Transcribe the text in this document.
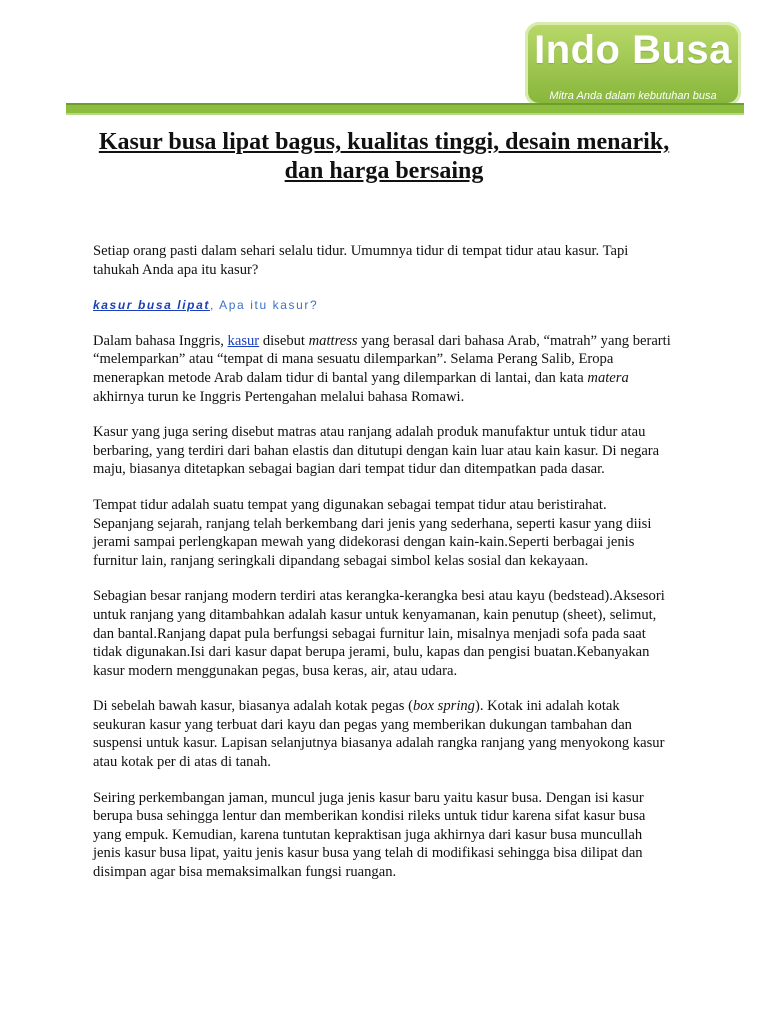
Indo Busa
Mitra Anda dalam kebutuhan busa
Kasur busa lipat bagus, kualitas tinggi, desain menarik, dan harga bersaing

Setiap orang pasti dalam sehari selalu tidur. Umumnya tidur di tempat tidur atau kasur. Tapi tahukah Anda apa itu kasur?

kasur busa lipat, Apa itu kasur?

Dalam bahasa Inggris, kasur disebut mattress yang berasal dari bahasa Arab, “matrah” yang berarti “melemparkan” atau “tempat di mana sesuatu dilemparkan”. Selama Perang Salib, Eropa menerapkan metode Arab dalam tidur di bantal yang dilemparkan di lantai, dan kata matera akhirnya turun ke Inggris Pertengahan melalui bahasa Romawi.

Kasur yang juga sering disebut matras atau ranjang adalah produk manufaktur untuk tidur atau berbaring, yang terdiri dari bahan elastis dan ditutupi dengan kain luar atau kain kasur. Di negara maju, biasanya ditetapkan sebagai bagian dari tempat tidur dan ditempatkan pada dasar.

Tempat tidur adalah suatu tempat yang digunakan sebagai tempat tidur atau beristirahat. Sepanjang sejarah, ranjang telah berkembang dari jenis yang sederhana, seperti kasur yang diisi jerami sampai perlengkapan mewah yang didekorasi dengan kain-kain.Seperti berbagai jenis furnitur lain, ranjang seringkali dipandang sebagai simbol kelas sosial dan kekayaan.

Sebagian besar ranjang modern terdiri atas kerangka-kerangka besi atau kayu (bedstead).Aksesori untuk ranjang yang ditambahkan adalah kasur untuk kenyamanan, kain penutup (sheet), selimut, dan bantal.Ranjang dapat pula berfungsi sebagai furnitur lain, misalnya menjadi sofa pada saat tidak digunakan.Isi dari kasur dapat berupa jerami, bulu, kapas dan pengisi buatan.Kebanyakan kasur modern menggunakan pegas, busa keras, air, atau udara.

Di sebelah bawah kasur, biasanya adalah kotak pegas (box spring). Kotak ini adalah kotak seukuran kasur yang terbuat dari kayu dan pegas yang memberikan dukungan tambahan dan suspensi untuk kasur. Lapisan selanjutnya biasanya adalah rangka ranjang yang menyokong kasur atau kotak per di atas di tanah.

Seiring perkembangan jaman, muncul juga jenis kasur baru yaitu kasur busa. Dengan isi kasur berupa busa sehingga lentur dan memberikan kondisi rileks untuk tidur karena sifat kasur busa yang empuk. Kemudian, karena tuntutan kepraktisan juga akhirnya dari kasur busa muncullah jenis kasur busa lipat, yaitu jenis kasur busa yang telah di modifikasi sehingga bisa dilipat dan disimpan agar bisa memaksimalkan fungsi ruangan.
